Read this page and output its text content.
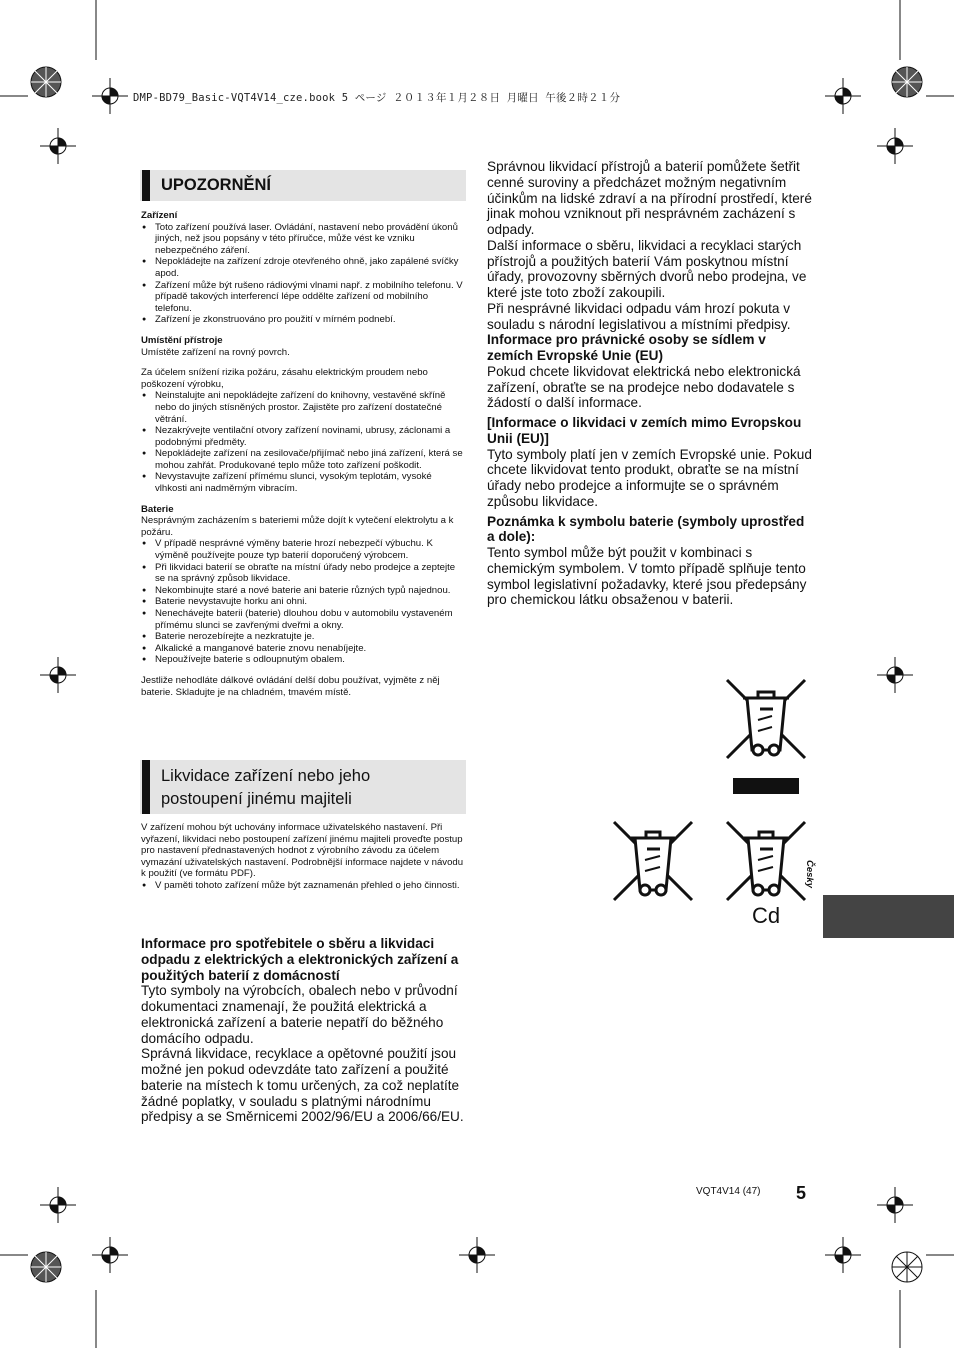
DMP-BD79_Basic-VQT4V14_cze.book 5 ページ ２０１３年１月２８日 月曜日 午後２時２１分
UPOZORNĚNÍ

Zařízení

● Toto zařízení používá laser. Ovládání, nastavení nebo provádění úkonů jiných, než jsou popsány v této příručce, může vést ke vzniku nebezpečného záření.
● Nepokládejte na zařízení zdroje otevřeného ohně, jako zapálené svíčky apod.
● Zařízení může být rušeno rádiovými vlnami např. z mobilního telefonu. V případě takových interferencí lépe oddělte zařízení od mobilního telefonu.
● Zařízení je zkonstruováno pro použití v mírném podnebí.

Umístění přístroje

Umístěte zařízení na rovný povrch.

Za účelem snížení rizika požáru, zásahu elektrickým proudem nebo poškození výrobku,

● Neinstalujte ani nepokládejte zařízení do knihovny, vestavěné skříně nebo do jiných stísněných prostor. Zajistěte pro zařízení dostatečné větrání.
● Nezakrývejte ventilační otvory zařízení novinami, ubrusy, záclonami a podobnými předměty.
● Nepokládejte zařízení na zesilovače/přijímač nebo jiná zařízení, která se mohou zahřát. Produkované teplo může toto zařízení poškodit.
● Nevystavujte zařízení přímému slunci, vysokým teplotám, vysoké vlhkosti ani nadměrným vibracím.

Baterie

Nesprávným zacházením s bateriemi může dojít k vytečení elektrolytu a k požáru.

● V případě nesprávné výměny baterie hrozí nebezpečí výbuchu. K výměně používejte pouze typ baterií doporučený výrobcem.
● Při likvidaci baterií se obraťte na místní úřady nebo prodejce a zeptejte se na správný způsob likvidace.
● Nekombinujte staré a nové baterie ani baterie různých typů najednou.
● Baterie nevystavujte horku ani ohni.
● Nenechávejte baterii (baterie) dlouhou dobu v automobilu vystaveném přímému slunci se zavřenými dveřmi a okny.
● Baterie nerozebírejte a nezkratujte je.
● Alkalické a manganové baterie znovu nenabíjejte.
● Nepoužívejte baterie s odloupnutým obalem.

Jestliže nehodláte dálkové ovládání delší dobu používat, vyjměte z něj baterie. Skladujte je na chladném, tmavém místě.

Likvidace zařízení nebo jeho
postoupení jinému majiteli

V zařízení mohou být uchovány informace uživatelského nastavení. Při vyřazení, likvidaci nebo postoupení zařízení jinému majiteli proveďte postup pro nastavení přednastavených hodnot z výrobního závodu za účelem vymazání uživatelských nastavení. Podrobnější informace najdete v návodu k použití (ve formátu PDF).

● V paměti tohoto zařízení může být zaznamenán přehled o jeho činnosti.

Informace pro spotřebitele o sběru a likvidaci odpadu z elektrických a elektronických zařízení a použitých baterií z domácností

Tyto symboly na výrobcích, obalech nebo v průvodní dokumentaci znamenají, že použitá elektrická a elektronická zařízení a baterie nepatří do běžného domácího odpadu.

Správná likvidace, recyklace a opětovné použití jsou možné jen pokud odevzdáte tato zařízení a použité baterie na místech k tomu určených, za což neplatíte žádné poplatky, v souladu s platnými národnímu předpisy a se Směrnicemi 2002/96/EU a 2006/66/EU.

Správnou likvidací přístrojů a baterií pomůžete šetřit cenné suroviny a předcházet možným negativním účinkům na lidské zdraví a na přírodní prostředí, které jinak mohou vzniknout při nesprávném zacházení s odpady.

Další informace o sběru, likvidaci a recyklaci starých přístrojů a použitých baterií Vám poskytnou místní úřady, provozovny sběrných dvorů nebo prodejna, ve které jste toto zboží zakoupili.

Při nesprávné likvidaci odpadu vám hrozí pokuta v souladu s národní legislativou a místními předpisy.

Informace pro právnické osoby se sídlem v zemích Evropské Unie (EU)

Pokud chcete likvidovat elektrická nebo elektronická zařízení, obraťte se na prodejce nebo dodavatele s žádostí o další informace.

[Informace o likvidaci v zemích mimo Evropskou Unii (EU)]

Tyto symboly platí jen v zemích Evropské unie. Pokud chcete likvidovat tento produkt, obraťte se na místní úřady nebo prodejce a informujte se o správném způsobu likvidace.

Poznámka k symbolu baterie (symboly uprostřed a dole):

Tento symbol může být použit v kombinaci s chemickým symbolem. V tomto případě splňuje tento symbol legislativní požadavky, které jsou předepsány pro chemickou látku obsaženou v baterii.

Cd
Česky
VQT4V14 (47) 5
